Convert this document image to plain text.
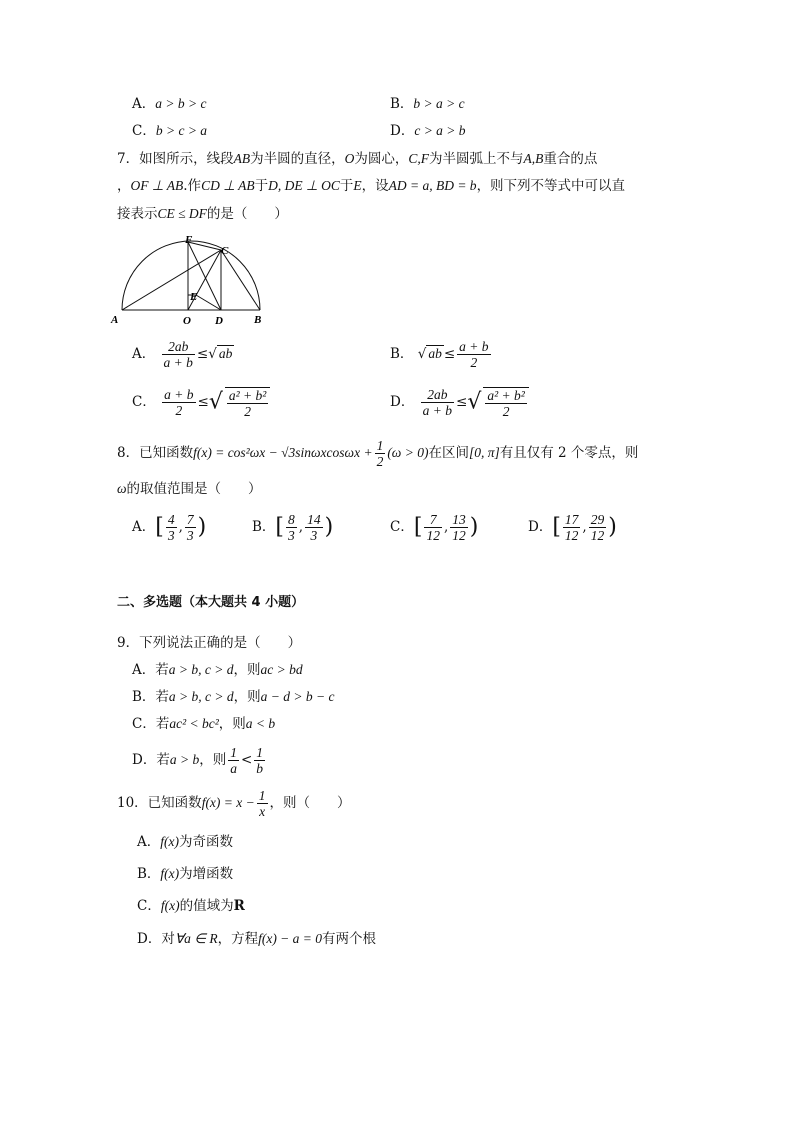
A．a > b > c	B．b > a > c
C．b > c > a	D．c > a > b
7．如图所示，线段AB为半圆的直径，O为圆心，C,F为半圆弧上不与A,B重合的点
，OF ⊥ AB.作CD ⊥ AB于D, DE ⊥ OC于E，设AD = a, BD = b，则下列不等式中可以直
接表示CE ≤ DF的是（　　）
A	B
C
D
E
F
O
A． $\frac{2ab}{a + b}$ ≤√ ab	B． √ ab ≤ $\frac{a + b}{2}$
C． $\frac{a + b}{2}$ ≤√ $\frac{\text{a² + b²}}{2}$	D． $\frac{2ab}{a + b}$ ≤√ $\frac{\text{a² + b²}}{2}$
8．已知函数$f(x) = \cos^2\omega x - √3\sin\omega xcos\omega x + \frac{1}{2} (\omega > 0)$在区间[0, π]有且仅有 2 个零点，则
ω的取值范围是（　　）
A．[ $\frac{4}{3}$ , $\frac{7}{3}$ )	B．[ $\frac{8}{3}$ , $\frac{14}{3}$ )	C．[ $\frac{7}{12}$ , $\frac{13}{12}$ )	D．[ $\frac{17}{12}$ , $\frac{29}{12}$ )
二、多选题（本大题共 4 小题）
9．下列说法正确的是（　　）
A．若a > b, c > d，则ac > bd
B．若a > b, c > d，则a − d > b − c
C．若ac² < bc²，则a < b
D．若a > b，则 $\frac{1}{a} < \frac{1}{b}$
10．已知函数$f(x) = x - \frac{1}{x}$ ，则（　　）
A．f(x)为奇函数
B．f(x)为增函数
C．f(x)的值域为R
D．对∀a ∈ R，方程f(x) − a = 0有两个根
